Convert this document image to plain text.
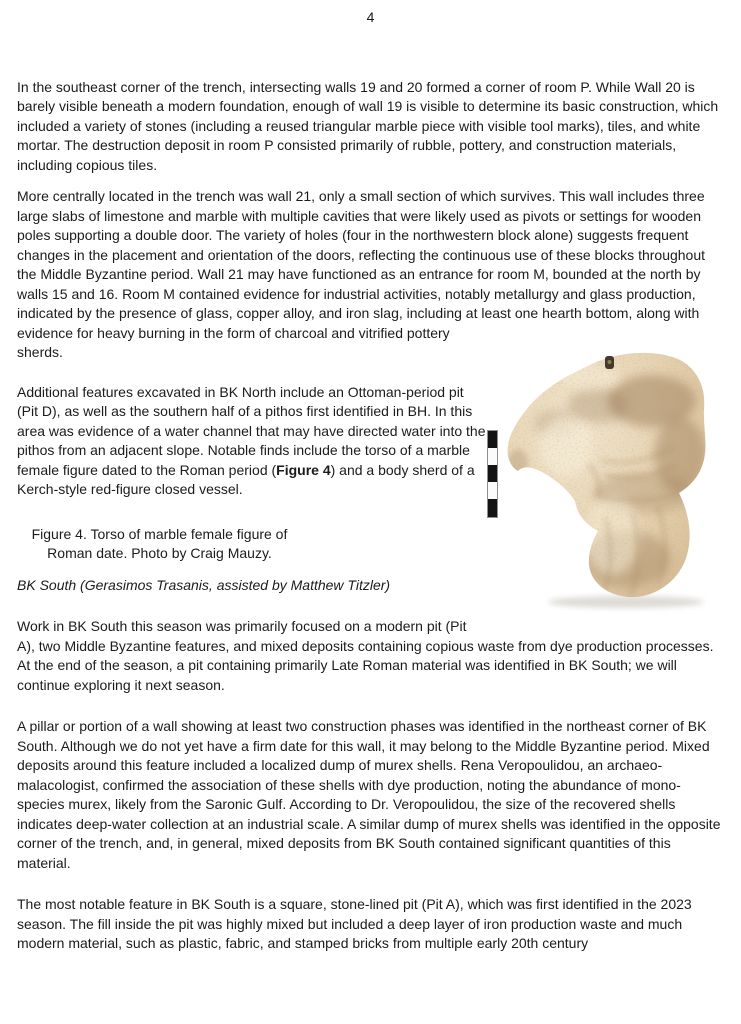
4

In the southeast corner of the trench, intersecting walls 19 and 20 formed a corner of room P. While Wall 20 is barely visible beneath a modern foundation, enough of wall 19 is visible to determine its basic construction, which included a variety of stones (including a reused triangular marble piece with visible tool marks), tiles, and white mortar. The destruction deposit in room P consisted primarily of rubble, pottery, and construction materials, including copious tiles.

More centrally located in the trench was wall 21, only a small section of which survives. This wall includes three large slabs of limestone and marble with multiple cavities that were likely used as pivots or settings for wooden poles supporting a double door. The variety of holes (four in the northwestern block alone) suggests frequent changes in the placement and orientation of the doors, reflecting the continuous use of these blocks throughout the Middle Byzantine period. Wall 21 may have functioned as an entrance for room M, bounded at the north by walls 15 and 16. Room M contained evidence for industrial activities, notably metallurgy and glass production, indicated by the presence of glass, copper alloy, and iron slag, including at least one hearth bottom, along with evidence for heavy burning in the form of charcoal and vitrified pottery sherds.

Additional features excavated in BK North include an Ottoman-period pit (Pit D), as well as the southern half of a pithos first identified in BH. In this area was evidence of a water channel that may have directed water into the pithos from an adjacent slope. Notable finds include the torso of a marble female figure dated to the Roman period (Figure 4) and a body sherd of a Kerch-style red-figure closed vessel.

Figure 4. Torso of marble female figure of Roman date. Photo by Craig Mauzy.

BK South (Gerasimos Trasanis, assisted by Matthew Titzler)

Work in BK South this season was primarily focused on a modern pit (Pit A), two Middle Byzantine features, and mixed deposits containing copious waste from dye production processes. At the end of the season, a pit containing primarily Late Roman material was identified in BK South; we will continue exploring it next season.

A pillar or portion of a wall showing at least two construction phases was identified in the northeast corner of BK South. Although we do not yet have a firm date for this wall, it may belong to the Middle Byzantine period. Mixed deposits around this feature included a localized dump of murex shells. Rena Veropoulidou, an archaeo-malacologist, confirmed the association of these shells with dye production, noting the abundance of mono-species murex, likely from the Saronic Gulf. According to Dr. Veropoulidou, the size of the recovered shells indicates deep-water collection at an industrial scale. A similar dump of murex shells was identified in the opposite corner of the trench, and, in general, mixed deposits from BK South contained significant quantities of this material.

The most notable feature in BK South is a square, stone-lined pit (Pit A), which was first identified in the 2023 season. The fill inside the pit was highly mixed but included a deep layer of iron production waste and much modern material, such as plastic, fabric, and stamped bricks from multiple early 20th century
